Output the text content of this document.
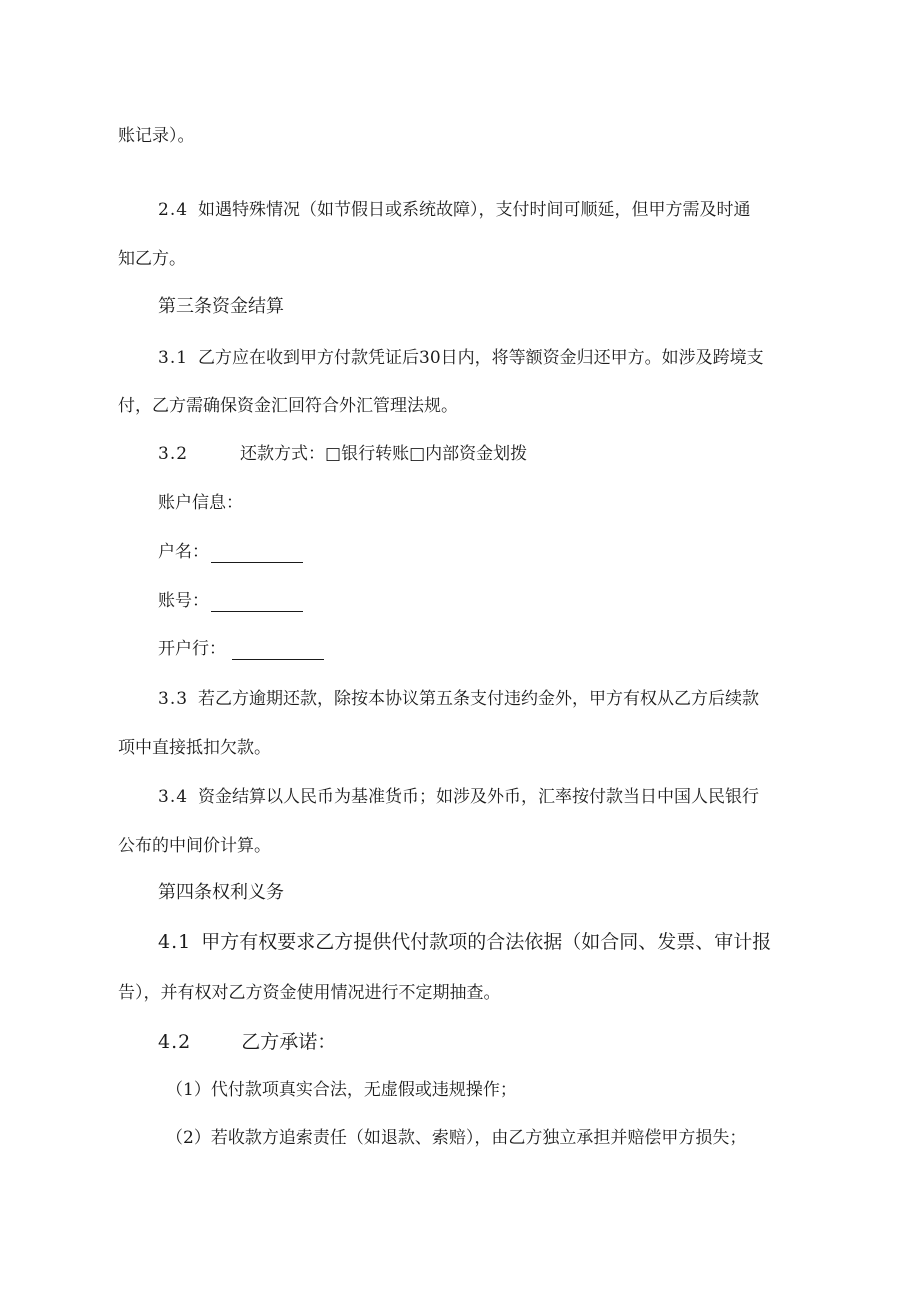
账记录）。
2.4 如遇特殊情况（如节假日或系统故障），支付时间可顺延，但甲方需及时通
知乙方。
第三条资金结算
3.1 乙方应在收到甲方付款凭证后30日内，将等额资金归还甲方。如涉及跨境支
付，乙方需确保资金汇回符合外汇管理法规。
3.2	还款方式：□银行转账□内部资金划拨
账户信息：
户名：
账号：
开户行：
3.3 若乙方逾期还款，除按本协议第五条支付违约金外，甲方有权从乙方后续款
项中直接抵扣欠款。
3.4 资金结算以人民币为基准货币；如涉及外币，汇率按付款当日中国人民银行
公布的中间价计算。
第四条权利义务
4.1 甲方有权要求乙方提供代付款项的合法依据（如合同、发票、审计报
告），并有权对乙方资金使用情况进行不定期抽查。
4.2	乙方承诺：
（1）代付款项真实合法，无虚假或违规操作；
（2）若收款方追索责任（如退款、索赔），由乙方独立承担并赔偿甲方损失；
